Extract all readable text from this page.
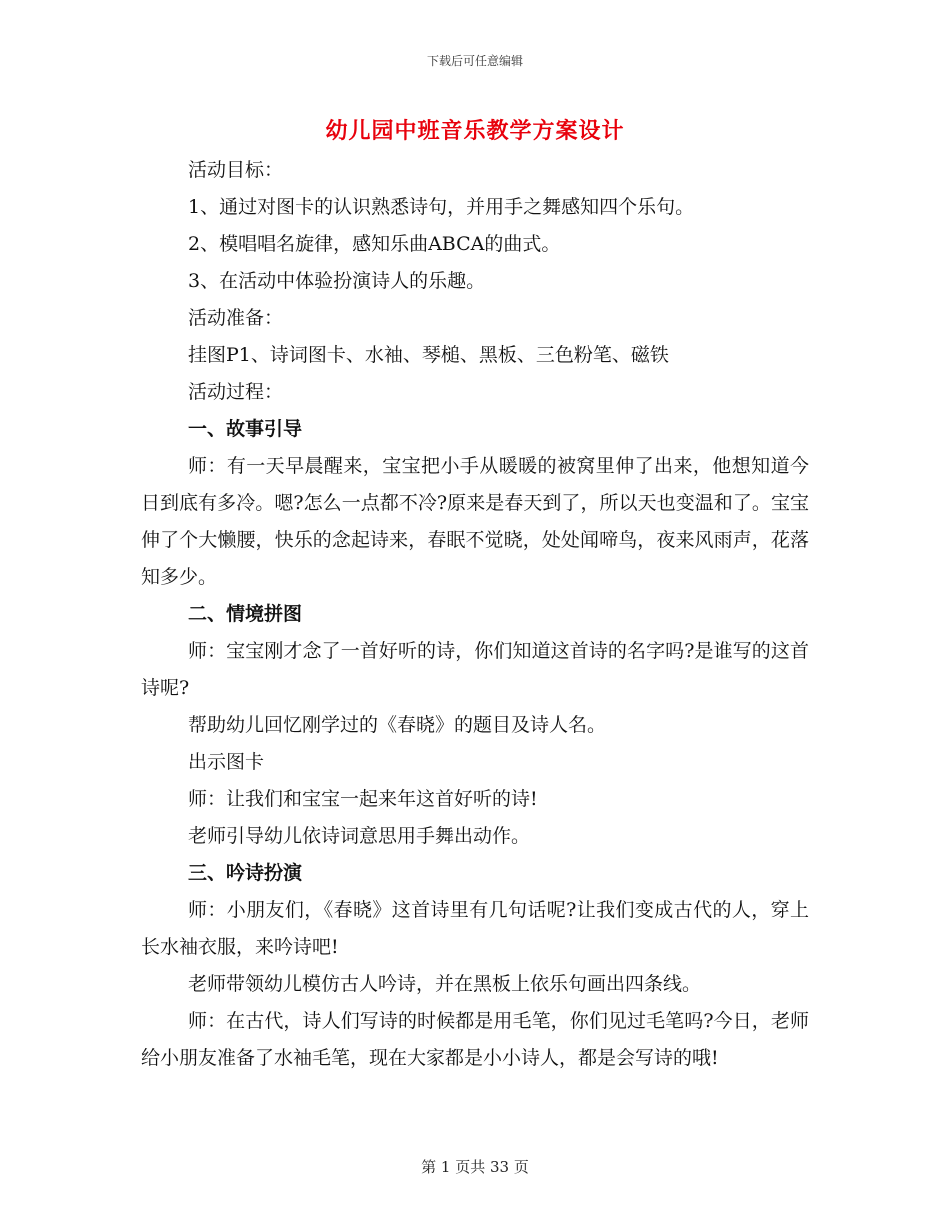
下载后可任意编辑
幼儿园中班音乐教学方案设计

活动目标：

1、通过对图卡的认识熟悉诗句，并用手之舞感知四个乐句。

2、模唱唱名旋律，感知乐曲ABCA的曲式。

3、在活动中体验扮演诗人的乐趣。

活动准备：

挂图P1、诗词图卡、水袖、琴槌、黑板、三色粉笔、磁铁

活动过程：

一、故事引导

师：有一天早晨醒来，宝宝把小手从暖暖的被窝里伸了出来，他想知道今日到底有多冷。嗯?怎么一点都不冷?原来是春天到了，所以天也变温和了。宝宝伸了个大懒腰，快乐的念起诗来，春眠不觉晓，处处闻啼鸟，夜来风雨声，花落知多少。

二、情境拼图

师：宝宝刚才念了一首好听的诗，你们知道这首诗的名字吗?是谁写的这首诗呢?

帮助幼儿回忆刚学过的《春晓》的题目及诗人名。

出示图卡

师：让我们和宝宝一起来年这首好听的诗!

老师引导幼儿依诗词意思用手舞出动作。

三、吟诗扮演

师：小朋友们，《春晓》这首诗里有几句话呢?让我们变成古代的人，穿上长水袖衣服，来吟诗吧!

老师带领幼儿模仿古人吟诗，并在黑板上依乐句画出四条线。

师：在古代，诗人们写诗的时候都是用毛笔，你们见过毛笔吗?今日，老师给小朋友准备了水袖毛笔，现在大家都是小小诗人，都是会写诗的哦!

第 1 页共 33 页
